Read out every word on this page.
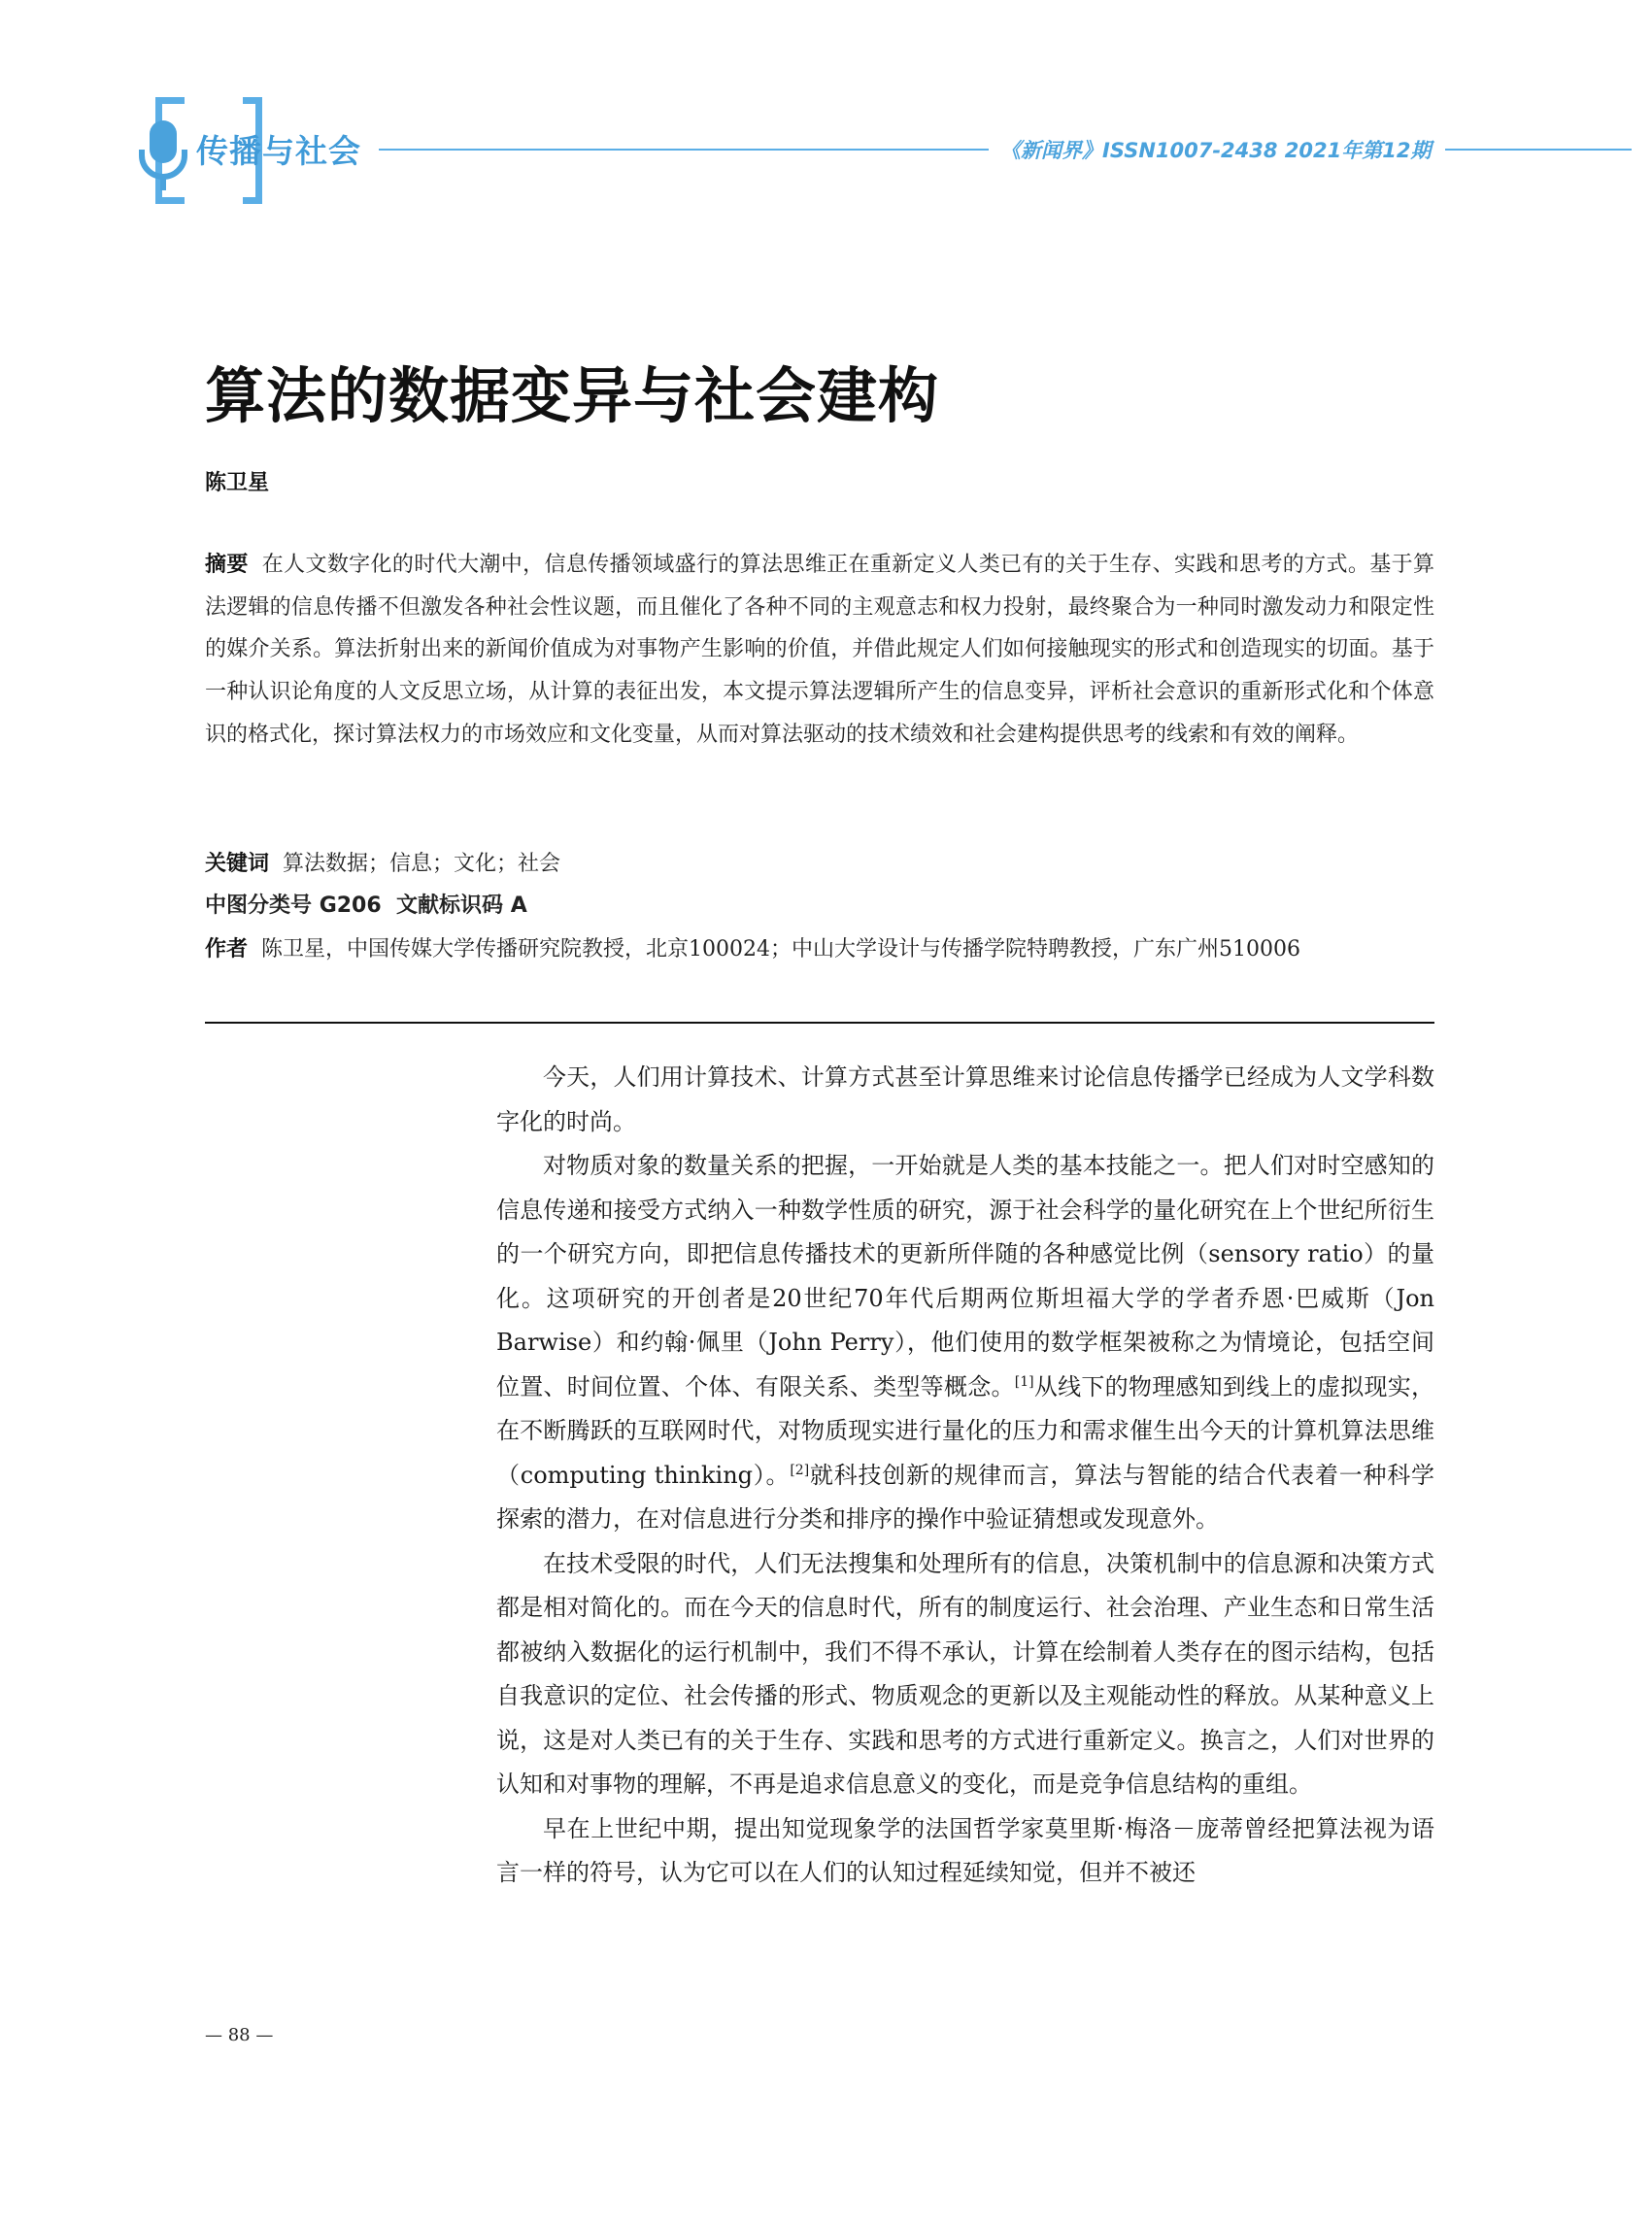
传播与社会	《新闻界》ISSN1007-2438 2021年第12期
算法的数据变异与社会建构
陈卫星
摘要 在人文数字化的时代大潮中，信息传播领域盛行的算法思维正在重新定义人类已有的关于生存、实践和思考的方式。基于算法逻辑的信息传播不但激发各种社会性议题，而且催化了各种不同的主观意志和权力投射，最终聚合为一种同时激发动力和限定性的媒介关系。算法折射出来的新闻价值成为对事物产生影响的价值，并借此规定人们如何接触现实的形式和创造现实的切面。基于一种认识论角度的人文反思立场，从计算的表征出发，本文提示算法逻辑所产生的信息变异，评析社会意识的重新形式化和个体意识的格式化，探讨算法权力的市场效应和文化变量，从而对算法驱动的技术绩效和社会建构提供思考的线索和有效的阐释。
关键词 算法数据；信息；文化；社会
中图分类号 G206 文献标识码 A
作者 陈卫星，中国传媒大学传播研究院教授，北京100024；中山大学设计与传播学院特聘教授，广东广州510006

今天，人们用计算技术、计算方式甚至计算思维来讨论信息传播学已经成为人文学科数字化的时尚。

对物质对象的数量关系的把握，一开始就是人类的基本技能之一。把人们对时空感知的信息传递和接受方式纳入一种数学性质的研究，源于社会科学的量化研究在上个世纪所衍生的一个研究方向，即把信息传播技术的更新所伴随的各种感觉比例（sensory ratio）的量化。这项研究的开创者是20世纪70年代后期两位斯坦福大学的学者乔恩·巴威斯（Jon Barwise）和约翰·佩里（John Perry），他们使用的数学框架被称之为情境论，包括空间位置、时间位置、个体、有限关系、类型等概念。[1]从线下的物理感知到线上的虚拟现实，在不断腾跃的互联网时代，对物质现实进行量化的压力和需求催生出今天的计算机算法思维（computing thinking）。[2]就科技创新的规律而言，算法与智能的结合代表着一种科学探索的潜力，在对信息进行分类和排序的操作中验证猜想或发现意外。

在技术受限的时代，人们无法搜集和处理所有的信息，决策机制中的信息源和决策方式都是相对简化的。而在今天的信息时代，所有的制度运行、社会治理、产业生态和日常生活都被纳入数据化的运行机制中，我们不得不承认，计算在绘制着人类存在的图示结构，包括自我意识的定位、社会传播的形式、物质观念的更新以及主观能动性的释放。从某种意义上说，这是对人类已有的关于生存、实践和思考的方式进行重新定义。换言之，人们对世界的认知和对事物的理解，不再是追求信息意义的变化，而是竞争信息结构的重组。

早在上世纪中期，提出知觉现象学的法国哲学家莫里斯·梅洛－庞蒂曾经把算法视为语言一样的符号，认为它可以在人们的认知过程延续知觉，但并不被还

— 88 —
